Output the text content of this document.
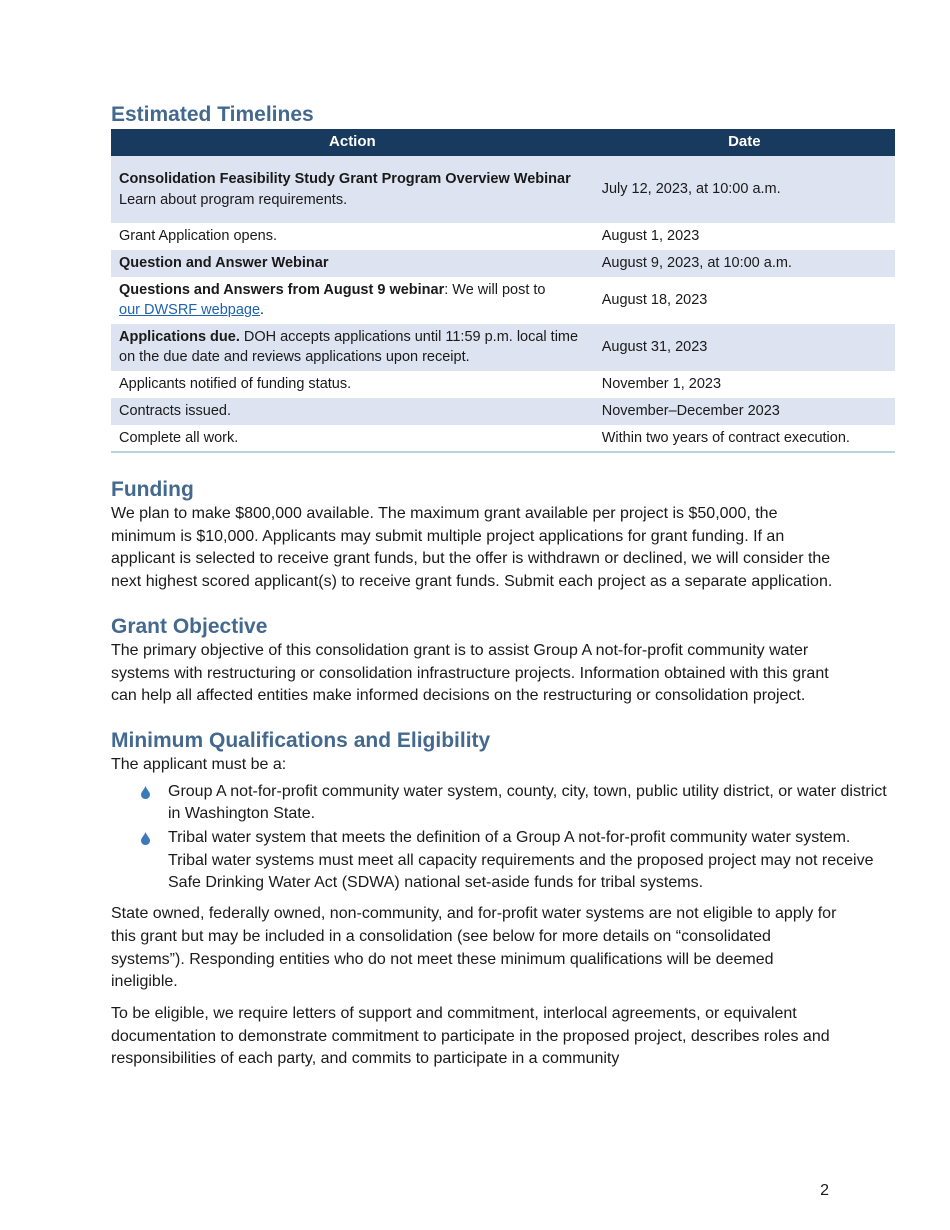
Estimated Timelines
Action	Date
Consolidation Feasibility Study Grant Program Overview Webinar
Learn about program requirements.	July 12, 2023, at 10:00 a.m.
Grant Application opens.	August 1, 2023
Question and Answer Webinar	August 9, 2023, at 10:00 a.m.
Questions and Answers from August 9 webinar: We will post to
our DWSRF webpage.	August 18, 2023
Applications due. DOH accepts applications until 11:59 p.m. local time on the due date and reviews applications upon receipt.	August 31, 2023
Applicants notified of funding status.	November 1, 2023
Contracts issued.	November–December 2023
Complete all work.	Within two years of contract execution.
Funding

We plan to make $800,000 available. The maximum grant available per project is $50,000, the minimum is $10,000. Applicants may submit multiple project applications for grant funding. If an applicant is selected to receive grant funds, but the offer is withdrawn or declined, we will consider the next highest scored applicant(s) to receive grant funds. Submit each project as a separate application.

Grant Objective

The primary objective of this consolidation grant is to assist Group A not-for-profit community water systems with restructuring or consolidation infrastructure projects. Information obtained with this grant can help all affected entities make informed decisions on the restructuring or consolidation project.

Minimum Qualifications and Eligibility

The applicant must be a:

Group A not-for-profit community water system, county, city, town, public utility district, or water district in Washington State.
Tribal water system that meets the definition of a Group A not-for-profit community water system. Tribal water systems must meet all capacity requirements and the proposed project may not receive Safe Drinking Water Act (SDWA) national set-aside funds for tribal systems.

State owned, federally owned, non-community, and for-profit water systems are not eligible to apply for this grant but may be included in a consolidation (see below for more details on “consolidated systems”). Responding entities who do not meet these minimum qualifications will be deemed ineligible.

To be eligible, we require letters of support and commitment, interlocal agreements, or equivalent documentation to demonstrate commitment to participate in the proposed project, describes roles and responsibilities of each party, and commits to participate in a community

2
